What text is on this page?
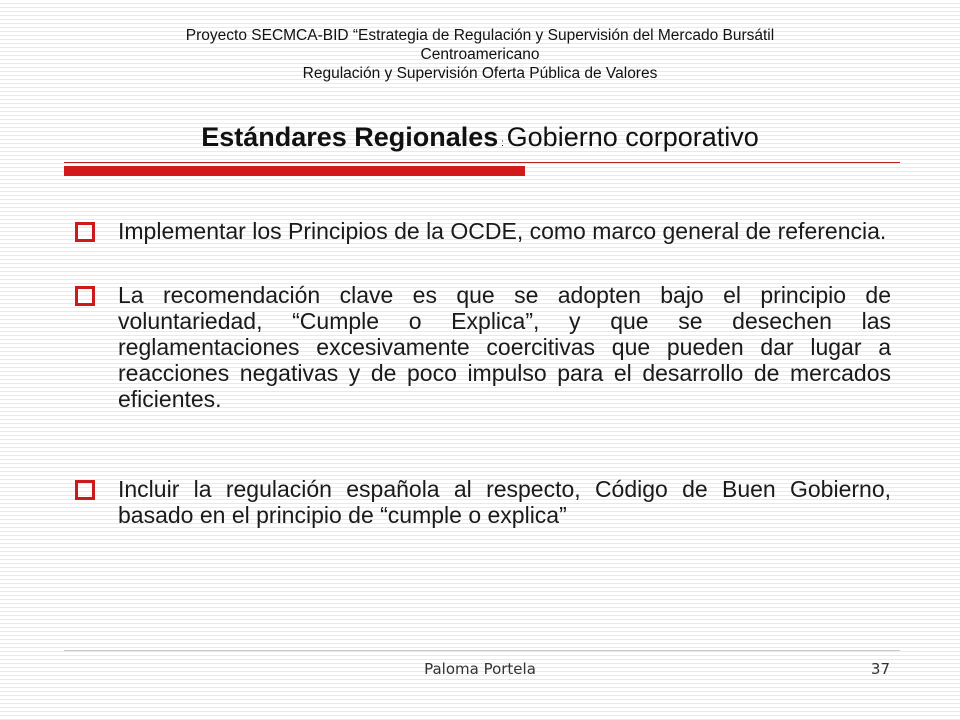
Proyecto SECMCA-BID “Estrategia de Regulación y Supervisión del Mercado Bursátil
Centroamericano
Regulación y Supervisión Oferta Pública de Valores
Estándares Regionales : Gobierno corporativo
Implementar los Principios de la OCDE, como marco general de referencia.
La recomendación clave es que se adopten bajo el principio de voluntariedad, “Cumple o Explica”, y que se desechen las reglamentaciones excesivamente coercitivas que pueden dar lugar a reacciones negativas y de poco impulso para el desarrollo de mercados eficientes.
Incluir la regulación española al respecto, Código de Buen Gobierno, basado en el principio de “cumple o explica”
Paloma Portela	37
